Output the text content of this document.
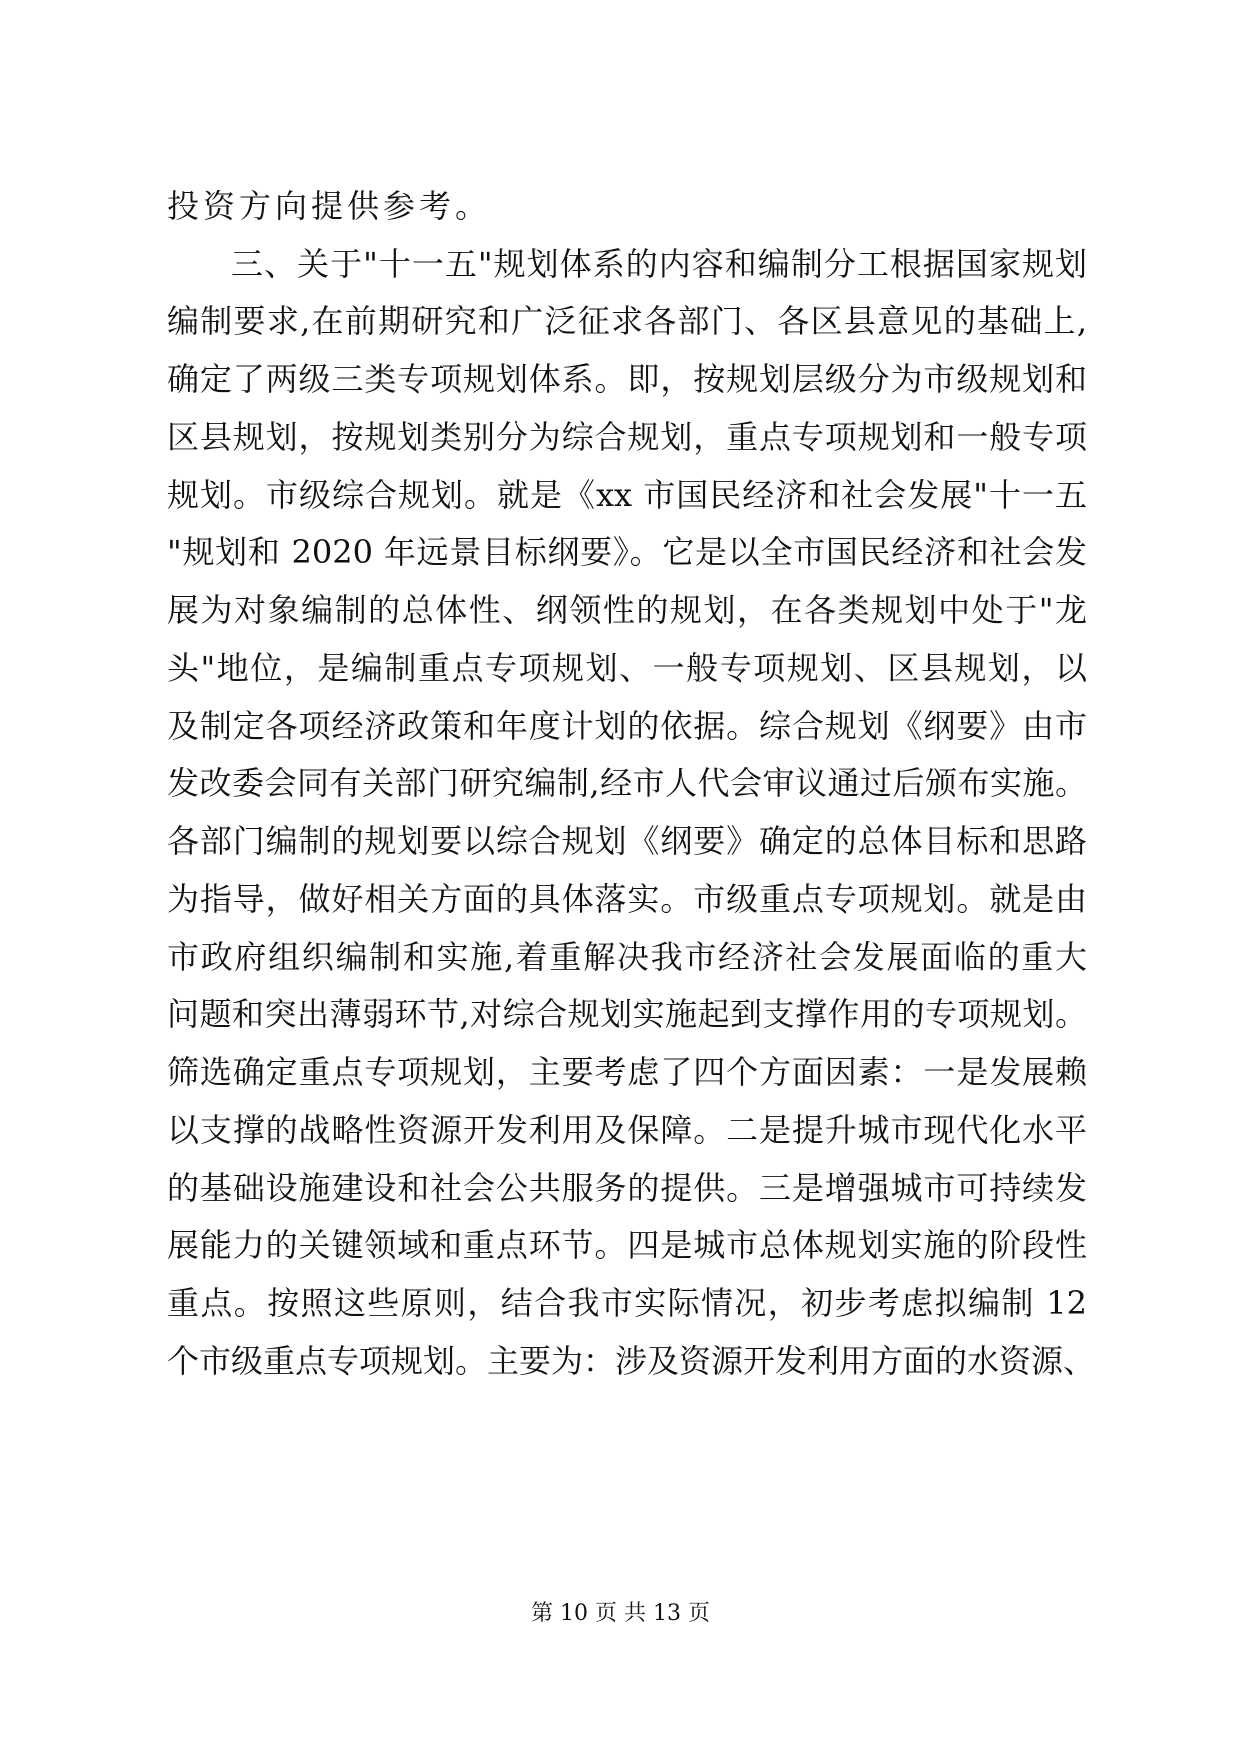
投资方向提供参考。
三、关于"十一五"规划体系的内容和编制分工根据国家规划
编制要求,在前期研究和广泛征求各部门、各区县意见的基础上,
确定了两级三类专项规划体系。即，按规划层级分为市级规划和
区县规划，按规划类别分为综合规划，重点专项规划和一般专项
规划。市级综合规划。就是《xx 市国民经济和社会发展"十一五
"规划和 2020 年远景目标纲要》。它是以全市国民经济和社会发
展为对象编制的总体性、纲领性的规划，在各类规划中处于"龙
头"地位，是编制重点专项规划、一般专项规划、区县规划，以
及制定各项经济政策和年度计划的依据。综合规划《纲要》由市
发改委会同有关部门研究编制,经市人代会审议通过后颁布实施。
各部门编制的规划要以综合规划《纲要》确定的总体目标和思路
为指导，做好相关方面的具体落实。市级重点专项规划。就是由
市政府组织编制和实施,着重解决我市经济社会发展面临的重大
问题和突出薄弱环节,对综合规划实施起到支撑作用的专项规划。
筛选确定重点专项规划，主要考虑了四个方面因素：一是发展赖
以支撑的战略性资源开发利用及保障。二是提升城市现代化水平
的基础设施建设和社会公共服务的提供。三是增强城市可持续发
展能力的关键领域和重点环节。四是城市总体规划实施的阶段性
重点。按照这些原则，结合我市实际情况，初步考虑拟编制 12
个市级重点专项规划。主要为：涉及资源开发利用方面的水资源、
第 10 页 共 13 页
